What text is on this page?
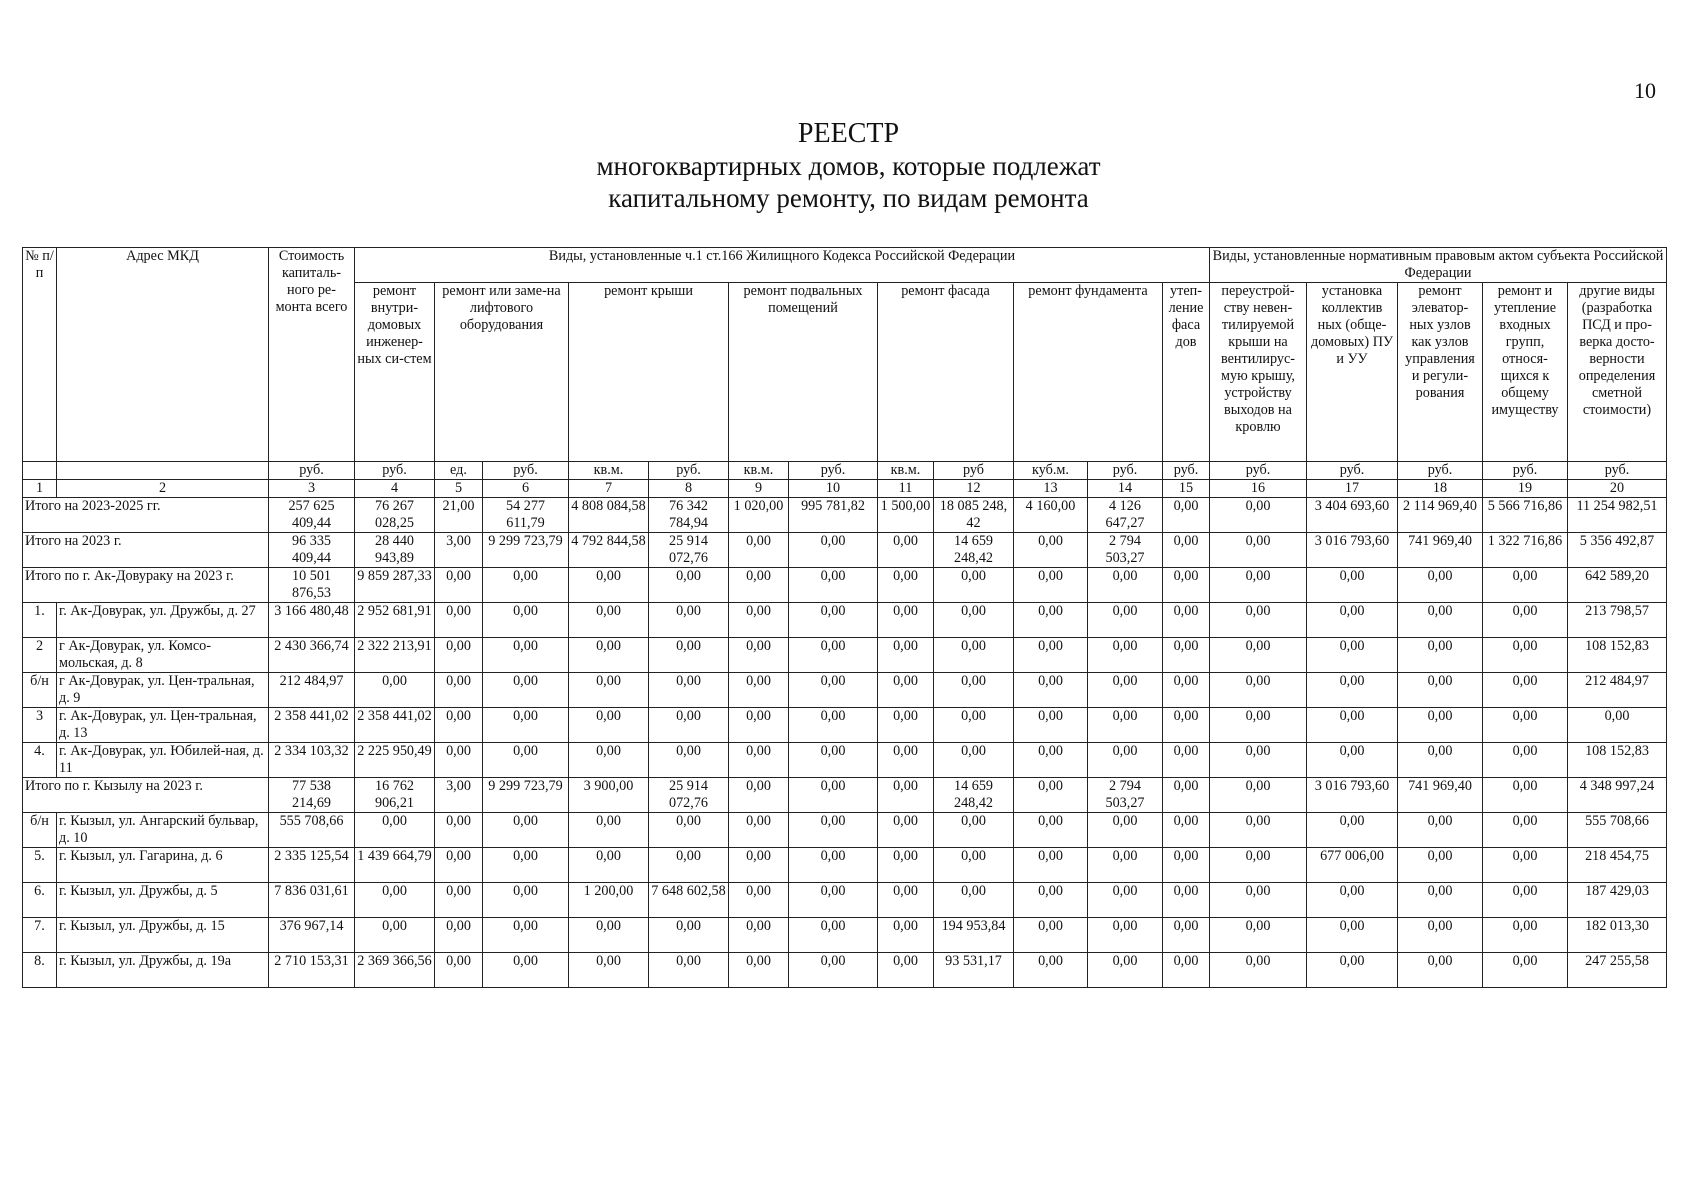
10
РЕЕСТР
многоквартирных домов, которые подлежат
капитальному ремонту, по видам ремонта
№ п/п	Адрес МКД	Стоимость капиталь-ного ре-монта всего	Виды, установленные ч.1 ст.166 Жилищного Кодекса Российской Федерации												Виды, установленные нормативным правовым актом субъекта Российской Федерации				
			ремонт внутри-домовых инженер-ных си-стем	ремонт или заме-на лифтового оборудования		ремонт крыши		ремонт подвальных помещений		ремонт фасада		ремонт фундамента		утеп-ление фаса дов	переустрой-ству невен-тилируемой крыши на вентилирус-мую крышу, устройству выходов на кровлю	установка коллектив ных (обще-домовых) ПУ и УУ	ремонт элеватор-ных узлов как узлов управления и регули-рования	ремонт и утепление входных групп, относя-щихся к общему имуществу	другие виды (разработка ПСД и про-верка досто-верности определения сметной стоимости)
		руб.	руб.	ед.	руб.	кв.м.	руб.	кв.м.	руб.	кв.м.	руб	куб.м.	руб.	руб.	руб.	руб.	руб.	руб.	руб.
1	2	3	4	5	6	7	8	9	10	11	12	13	14	15	16	17	18	19	20
Итого на 2023-2025 гг.		257 625 409,44	76 267 028,25	21,00	54 277 611,79	4 808 084,58	76 342 784,94	1 020,00	995 781,82	1 500,00	18 085 248, 42	4 160,00	4 126 647,27	0,00	0,00	3 404 693,60	2 114 969,40	5 566 716,86	11 254 982,51
Итого на 2023 г.		96 335 409,44	28 440 943,89	3,00	9 299 723,79	4 792 844,58	25 914 072,76	0,00	0,00	0,00	14 659 248,42	0,00	2 794 503,27	0,00	0,00	3 016 793,60	741 969,40	1 322 716,86	5 356 492,87
Итого по г. Ак-Довураку на 2023 г.		10 501 876,53	9 859 287,33	0,00	0,00	0,00	0,00	0,00	0,00	0,00	0,00	0,00	0,00	0,00	0,00	0,00	0,00	0,00	642 589,20
1.	г. Ак-Довурак, ул. Дружбы, д. 27	3 166 480,48	2 952 681,91	0,00	0,00	0,00	0,00	0,00	0,00	0,00	0,00	0,00	0,00	0,00	0,00	0,00	0,00	0,00	213 798,57
2	г Ак-Довурак, ул. Комсо-мольская, д. 8	2 430 366,74	2 322 213,91	0,00	0,00	0,00	0,00	0,00	0,00	0,00	0,00	0,00	0,00	0,00	0,00	0,00	0,00	0,00	108 152,83
б/н	г Ак-Довурак, ул. Цен-тральная, д. 9	212 484,97	0,00	0,00	0,00	0,00	0,00	0,00	0,00	0,00	0,00	0,00	0,00	0,00	0,00	0,00	0,00	0,00	212 484,97
3	г. Ак-Довурак, ул. Цен-тральная, д. 13	2 358 441,02	2 358 441,02	0,00	0,00	0,00	0,00	0,00	0,00	0,00	0,00	0,00	0,00	0,00	0,00	0,00	0,00	0,00	0,00
4.	г. Ак-Довурак, ул. Юбилей-ная, д. 11	2 334 103,32	2 225 950,49	0,00	0,00	0,00	0,00	0,00	0,00	0,00	0,00	0,00	0,00	0,00	0,00	0,00	0,00	0,00	108 152,83
Итого по г. Кызылу на 2023 г.		77 538 214,69	16 762 906,21	3,00	9 299 723,79	3 900,00	25 914 072,76	0,00	0,00	0,00	14 659 248,42	0,00	2 794 503,27	0,00	0,00	3 016 793,60	741 969,40	0,00	4 348 997,24
б/н	г. Кызыл, ул. Ангарский бульвар, д. 10	555 708,66	0,00	0,00	0,00	0,00	0,00	0,00	0,00	0,00	0,00	0,00	0,00	0,00	0,00	0,00	0,00	0,00	555 708,66
5.	г. Кызыл, ул. Гагарина, д. 6	2 335 125,54	1 439 664,79	0,00	0,00	0,00	0,00	0,00	0,00	0,00	0,00	0,00	0,00	0,00	0,00	677 006,00	0,00	0,00	218 454,75
6.	г. Кызыл, ул. Дружбы, д. 5	7 836 031,61	0,00	0,00	0,00	1 200,00	7 648 602,58	0,00	0,00	0,00	0,00	0,00	0,00	0,00	0,00	0,00	0,00	0,00	187 429,03
7.	г. Кызыл, ул. Дружбы, д. 15	376 967,14	0,00	0,00	0,00	0,00	0,00	0,00	0,00	0,00	194 953,84	0,00	0,00	0,00	0,00	0,00	0,00	0,00	182 013,30
8.	г. Кызыл, ул. Дружбы, д. 19а	2 710 153,31	2 369 366,56	0,00	0,00	0,00	0,00	0,00	0,00	0,00	93 531,17	0,00	0,00	0,00	0,00	0,00	0,00	0,00	247 255,58
